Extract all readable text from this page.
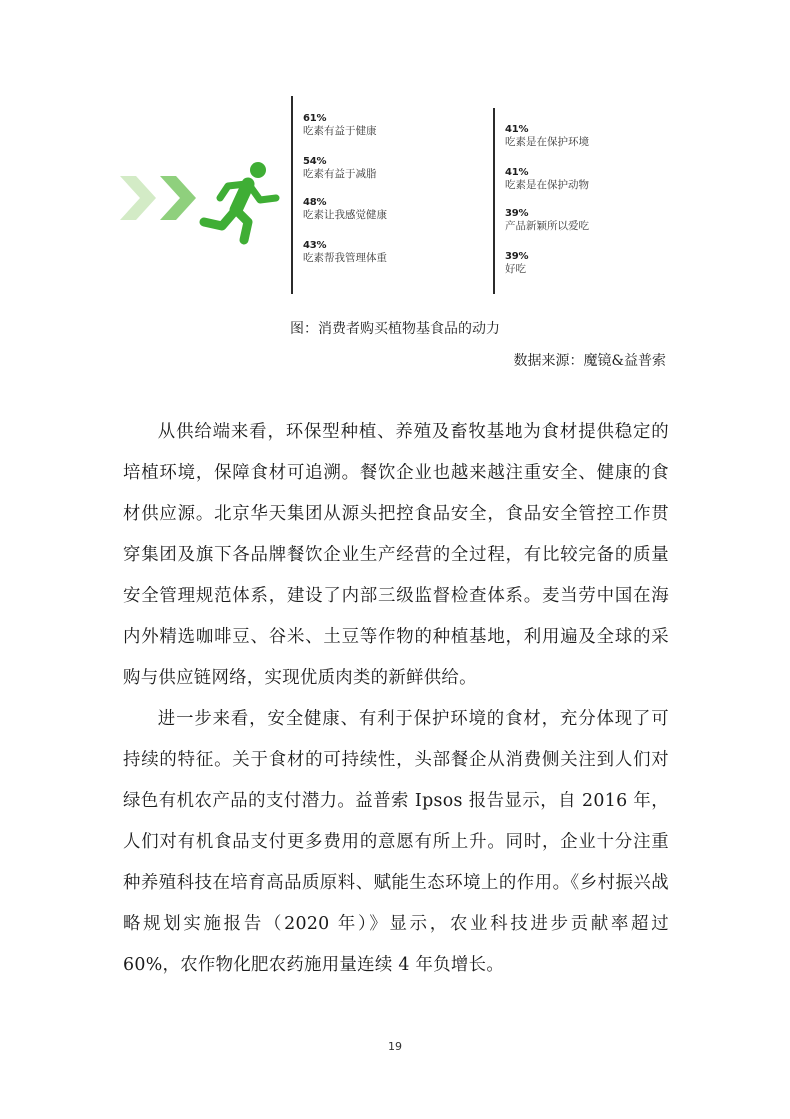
61%
吃素有益于健康
54%
吃素有益于减脂
48%
吃素让我感觉健康
43%
吃素帮我管理体重
41%
吃素是在保护环境
41%
吃素是在保护动物
39%
产品新颖所以爱吃
39%
好吃
图：消费者购买植物基食品的动力
数据来源：魔镜&益普索

从供给端来看，环保型种植、养殖及畜牧基地为食材提供稳定的培植环境，保障食材可追溯。餐饮企业也越来越注重安全、健康的食材供应源。北京华天集团从源头把控食品安全，食品安全管控工作贯穿集团及旗下各品牌餐饮企业生产经营的全过程，有比较完备的质量安全管理规范体系，建设了内部三级监督检查体系。麦当劳中国在海内外精选咖啡豆、谷米、土豆等作物的种植基地，利用遍及全球的采购与供应链网络，实现优质肉类的新鲜供给。

进一步来看，安全健康、有利于保护环境的食材，充分体现了可持续的特征。关于食材的可持续性，头部餐企从消费侧关注到人们对绿色有机农产品的支付潜力。益普索 Ipsos 报告显示，自 2016 年，人们对有机食品支付更多费用的意愿有所上升。同时，企业十分注重种养殖科技在培育高品质原料、赋能生态环境上的作用。《乡村振兴战略规划实施报告（2020 年）》显示，农业科技进步贡献率超过 60%，农作物化肥农药施用量连续 4 年负增长。

19
